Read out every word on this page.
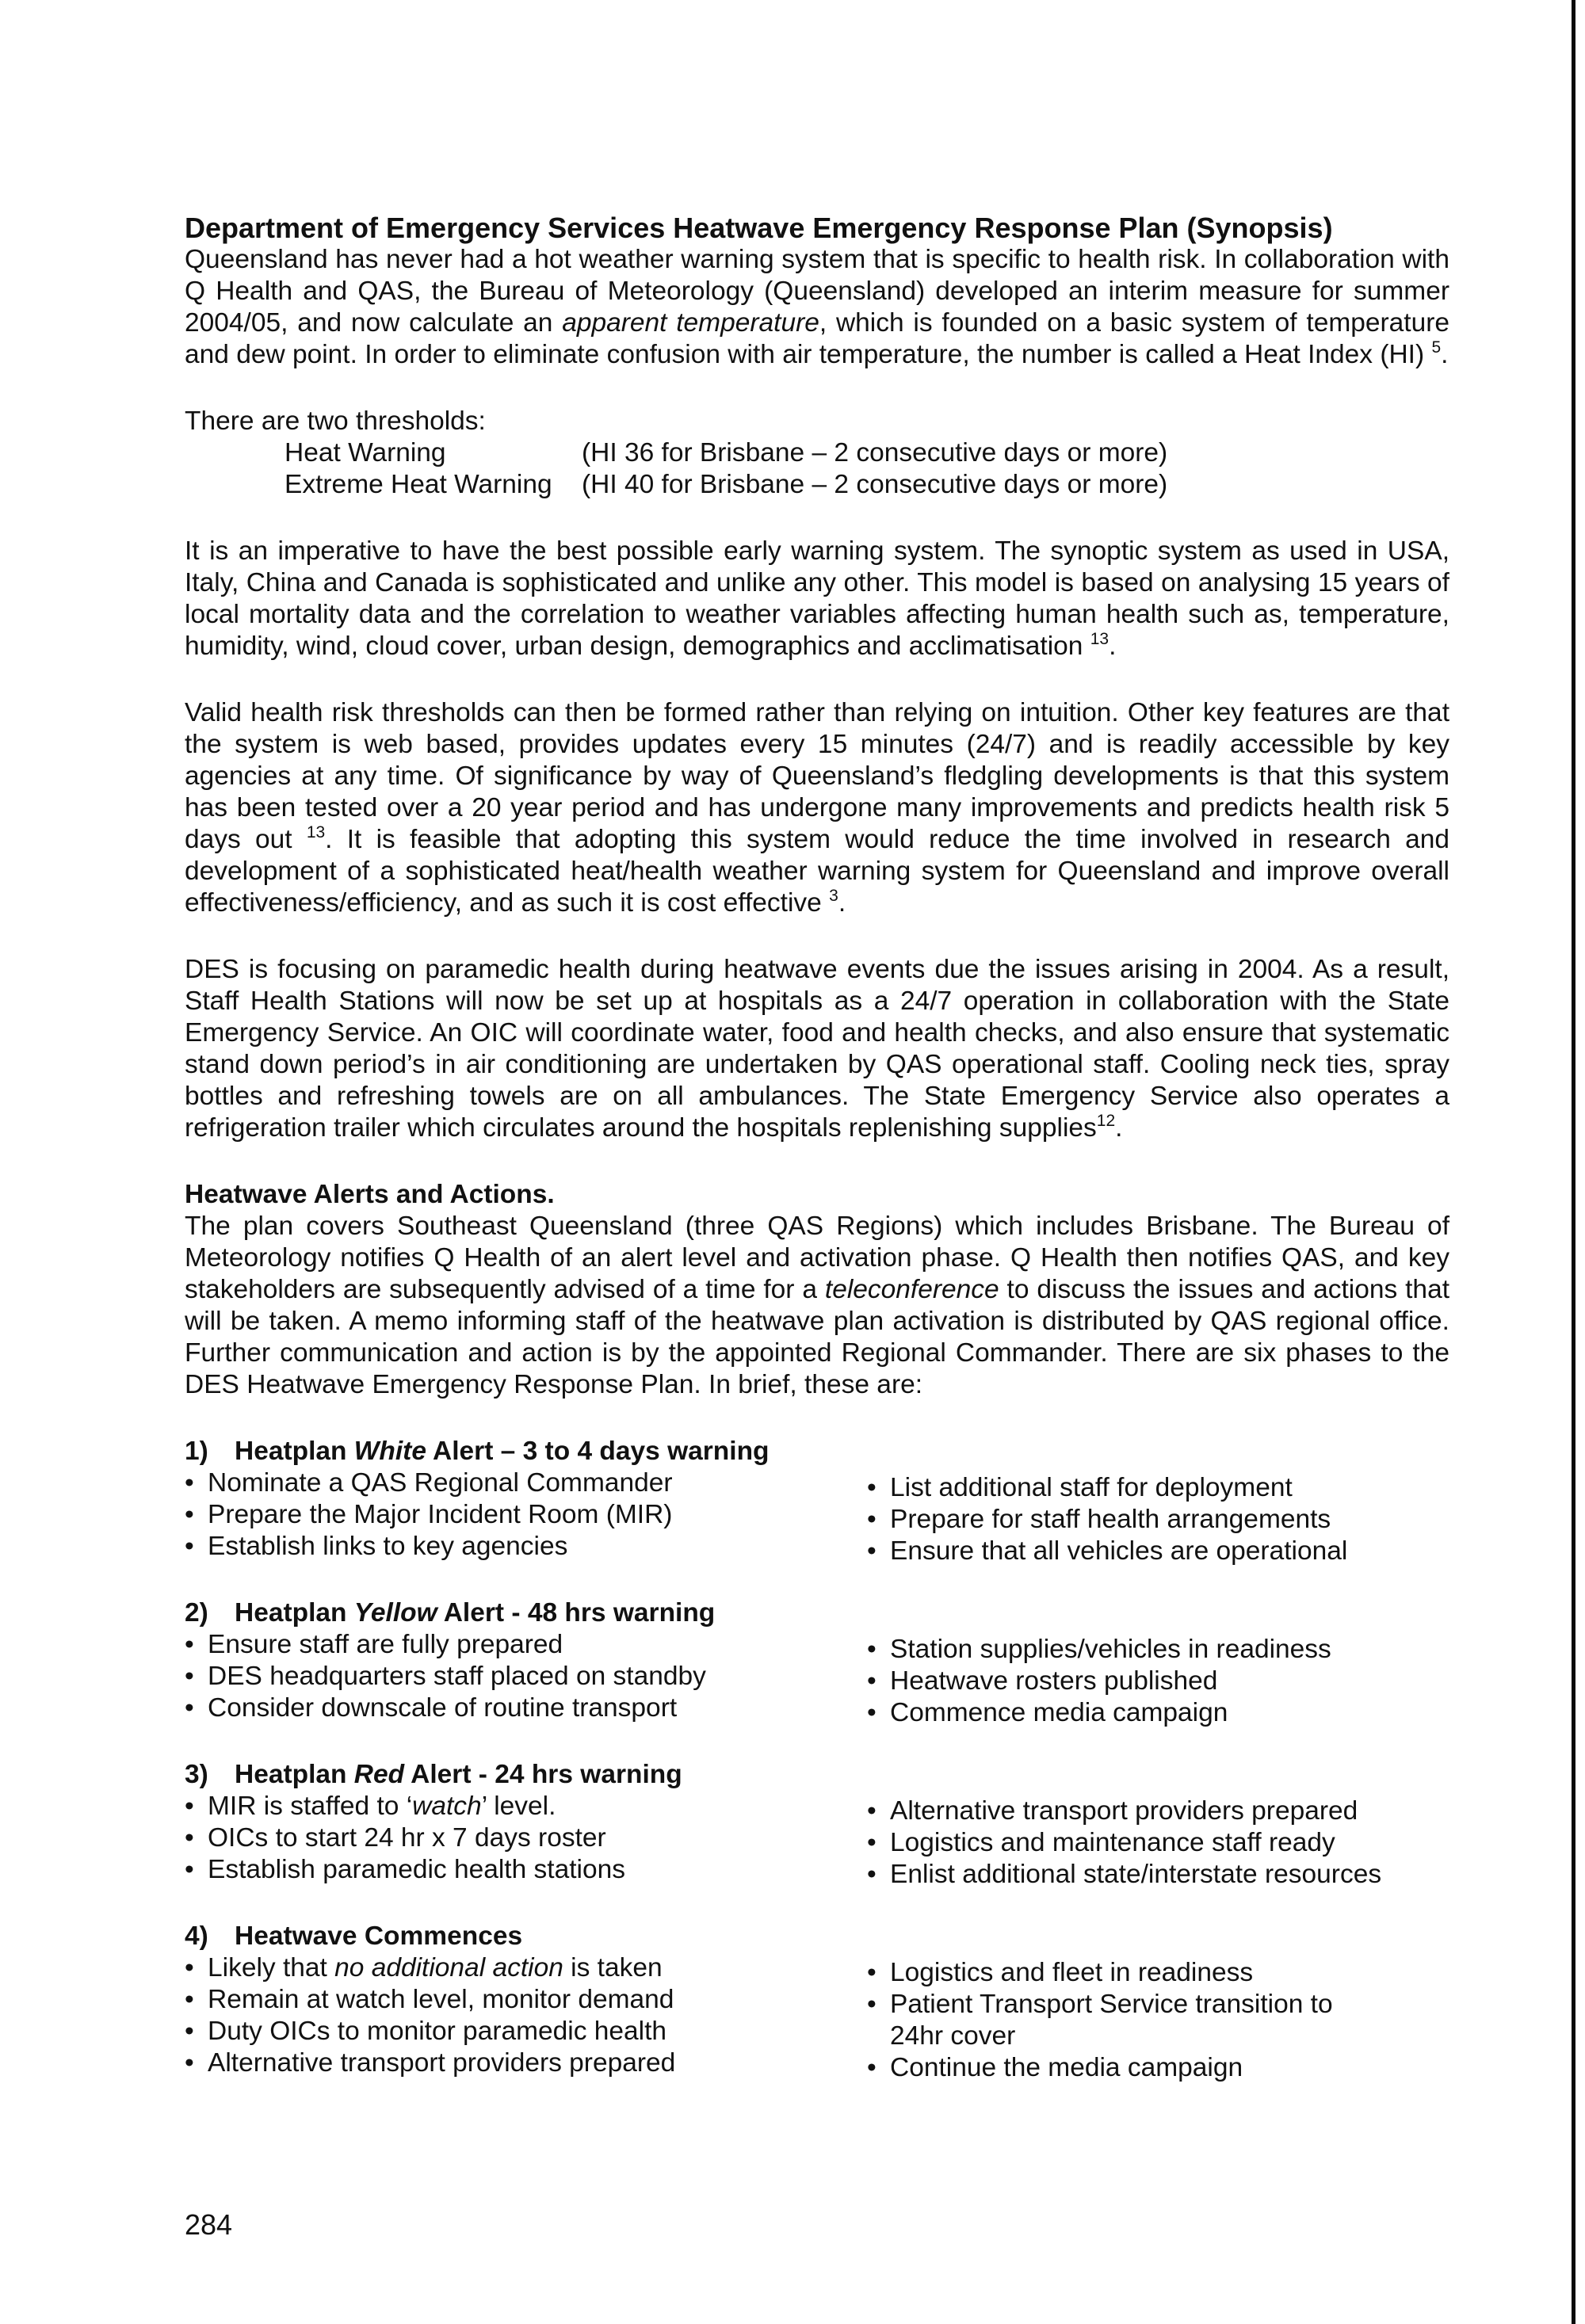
Department of Emergency Services Heatwave Emergency Response Plan (Synopsis)

Queensland has never had a hot weather warning system that is specific to health risk. In collaboration with Q Health and QAS, the Bureau of Meteorology (Queensland) developed an interim measure for summer 2004/05, and now calculate an apparent temperature, which is founded on a basic system of temperature and dew point. In order to eliminate confusion with air temperature, the number is called a Heat Index (HI) $^5$.

There are two thresholds:
Heat Warning	(HI 36 for Brisbane – 2 consecutive days or more)
Extreme Heat Warning	(HI 40 for Brisbane – 2 consecutive days or more)

It is an imperative to have the best possible early warning system. The synoptic system as used in USA, Italy, China and Canada is sophisticated and unlike any other. This model is based on analysing 15 years of local mortality data and the correlation to weather variables affecting human health such as, temperature, humidity, wind, cloud cover, urban design, demographics and acclimatisation $^{13}$.

Valid health risk thresholds can then be formed rather than relying on intuition. Other key features are that the system is web based, provides updates every 15 minutes (24/7) and is readily accessible by key agencies at any time. Of significance by way of Queensland’s fledgling developments is that this system has been tested over a 20 year period and has undergone many improvements and predicts health risk 5 days out $^{13}$. It is feasible that adopting this system would reduce the time involved in research and development of a sophisticated heat/health weather warning system for Queensland and improve overall effectiveness/efficiency, and as such it is cost effective $^3$.

DES is focusing on paramedic health during heatwave events due the issues arising in 2004. As a result, Staff Health Stations will now be set up at hospitals as a 24/7 operation in collaboration with the State Emergency Service. An OIC will coordinate water, food and health checks, and also ensure that systematic stand down period’s in air conditioning are undertaken by QAS operational staff. Cooling neck ties, spray bottles and refreshing towels are on all ambulances. The State Emergency Service also operates a refrigeration trailer which circulates around the hospitals replenishing supplies$^{12}$.

Heatwave Alerts and Actions.

The plan covers Southeast Queensland (three QAS Regions) which includes Brisbane. The Bureau of Meteorology notifies Q Health of an alert level and activation phase. Q Health then notifies QAS, and key stakeholders are subsequently advised of a time for a teleconference to discuss the issues and actions that will be taken. A memo informing staff of the heatwave plan activation is distributed by QAS regional office. Further communication and action is by the appointed Regional Commander. There are six phases to the DES Heatwave Emergency Response Plan. In brief, these are:

1) Heatplan White Alert – 3 to 4 days warning
• Nominate a QAS Regional Commander
• Prepare the Major Incident Room (MIR)
• Establish links to key agencies
• List additional staff for deployment
• Prepare for staff health arrangements
• Ensure that all vehicles are operational
2) Heatplan Yellow Alert - 48 hrs warning
• Ensure staff are fully prepared
• DES headquarters staff placed on standby
• Consider downscale of routine transport
• Station supplies/vehicles in readiness
• Heatwave rosters published
• Commence media campaign
3) Heatplan Red Alert - 24 hrs warning
• MIR is staffed to ‘watch’ level.
• OICs to start 24 hr x 7 days roster
• Establish paramedic health stations
• Alternative transport providers prepared
• Logistics and maintenance staff ready
• Enlist additional state/interstate resources
4) Heatwave Commences
• Likely that no additional action is taken
• Remain at watch level, monitor demand
• Duty OICs to monitor paramedic health
• Alternative transport providers prepared
• Logistics and fleet in readiness
• Patient Transport Service transition to
24hr cover
• Continue the media campaign
284
